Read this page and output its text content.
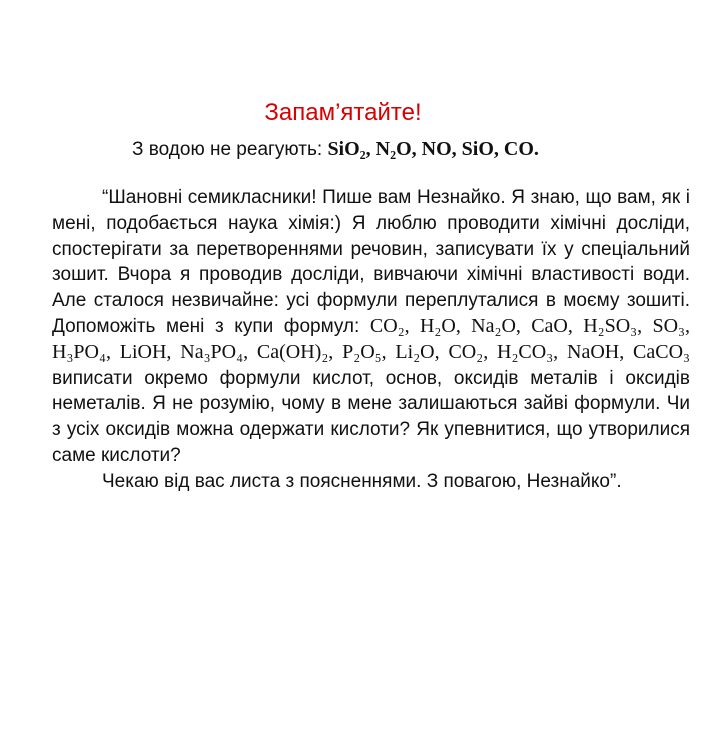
Запам’ятайте!

З водою не реагують: SiO₂, N₂O, NO, SiO, CO.

“Шановні семикласники! Пише вам Незнайко. Я знаю, що вам, як і мені, подобається наука хімія:) Я люблю проводити хімічні досліди, спостерігати за перетвореннями речовин, записувати їх у спеціальний зошит. Вчора я проводив досліди, вивчаючи хімічні властивості води. Але сталося незвичайне: усі формули переплуталися в моєму зошиті. Допоможіть мені з купи формул: CO₂, H₂O, Na₂O, CaO, H₂SO₃, SO₃, H₃PO₄, LiOH, Na₃PO₄, Ca(OH)₂, P₂O₅, Li₂O, CO₂, H₂CO₃, NaOH, CaCO₃ виписати окремо формули кислот, основ, оксидів металів і оксидів неметалів. Я не розумію, чому в мене залишаються зайві формули. Чи з усіх оксидів можна одержати кислоти? Як упевнитися, що утворилися саме кислоти?

Чекаю від вас листа з поясненнями. З повагою, Незнайко”.
